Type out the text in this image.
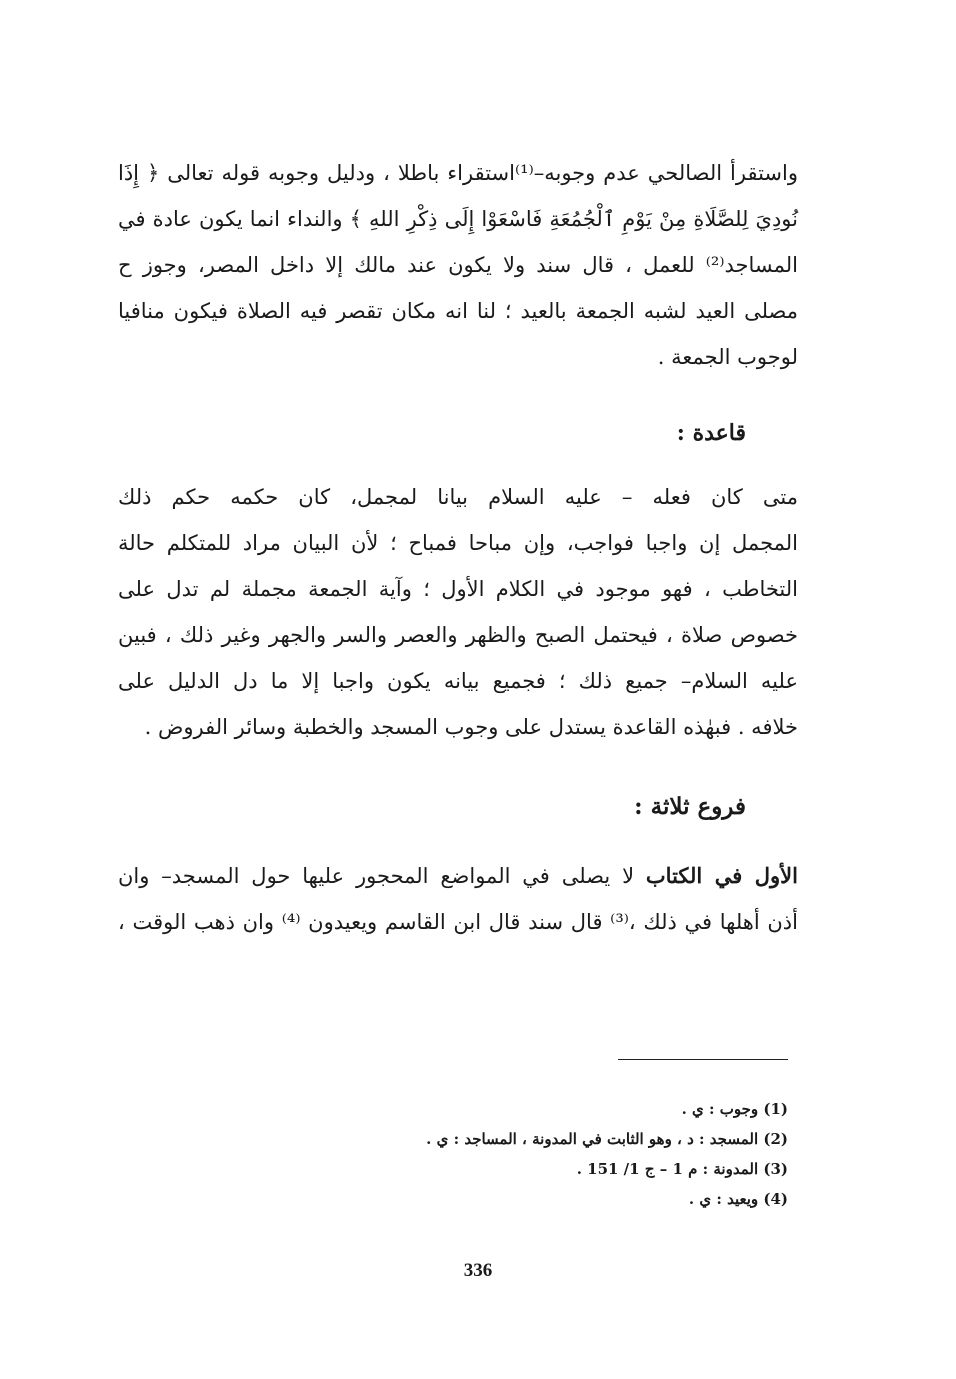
واستقرأ الصالحي عدم وجوبه–⁽¹⁾استقراء باطلا ، ودليل وجوبه قوله تعالى ﴿ إِذَا
نُودِيَ لِلصَّلَاةِ مِنْ يَوْمِ ٱلْجُمُعَةِ فَاسْعَوْا إِلَى ذِكْرِ اللهِ ﴾ والنداء انما يكون عادة في
المساجد⁽²⁾ للعمل ، قال سند ولا يكون عند مالك إلا داخل المصر، وجوز ح
مصلى العيد لشبه الجمعة بالعيد ؛ لنا انه مكان تقصر فيه الصلاة فيكون منافيا
لوجوب الجمعة .
قاعدة :
متى كان فعله – عليه السلام بيانا لمجمل، كان حكمه حكم ذلك
المجمل إن واجبا فواجب، وإن مباحا فمباح ؛ لأن البيان مراد للمتكلم حالة
التخاطب ، فهو موجود في الكلام الأول ؛ وآية الجمعة مجملة لم تدل على
خصوص صلاة ، فيحتمل الصبح والظهر والعصر والسر والجهر وغير ذلك ، فبين
عليه السلام– جميع ذلك ؛ فجميع بيانه يكون واجبا إلا ما دل الدليل على
خلافه . فبهٰذه القاعدة يستدل على وجوب المسجد والخطبة وسائر الفروض .
فروع ثلاثة :
الأول في الكتاب لا يصلى في المواضع المحجور عليها حول المسجد– وان
أذن أهلها في ذلك ،⁽³⁾ قال سند قال ابن القاسم ويعيدون ⁽⁴⁾ وان ذهب الوقت ،
(1) وجوب : ي .
(2) المسجد : د ، وهو الثابت في المدونة ، المساجد : ي .
(3) المدونة : م 1 – ج 1/ 151 .
(4) ويعيد : ي .
336
